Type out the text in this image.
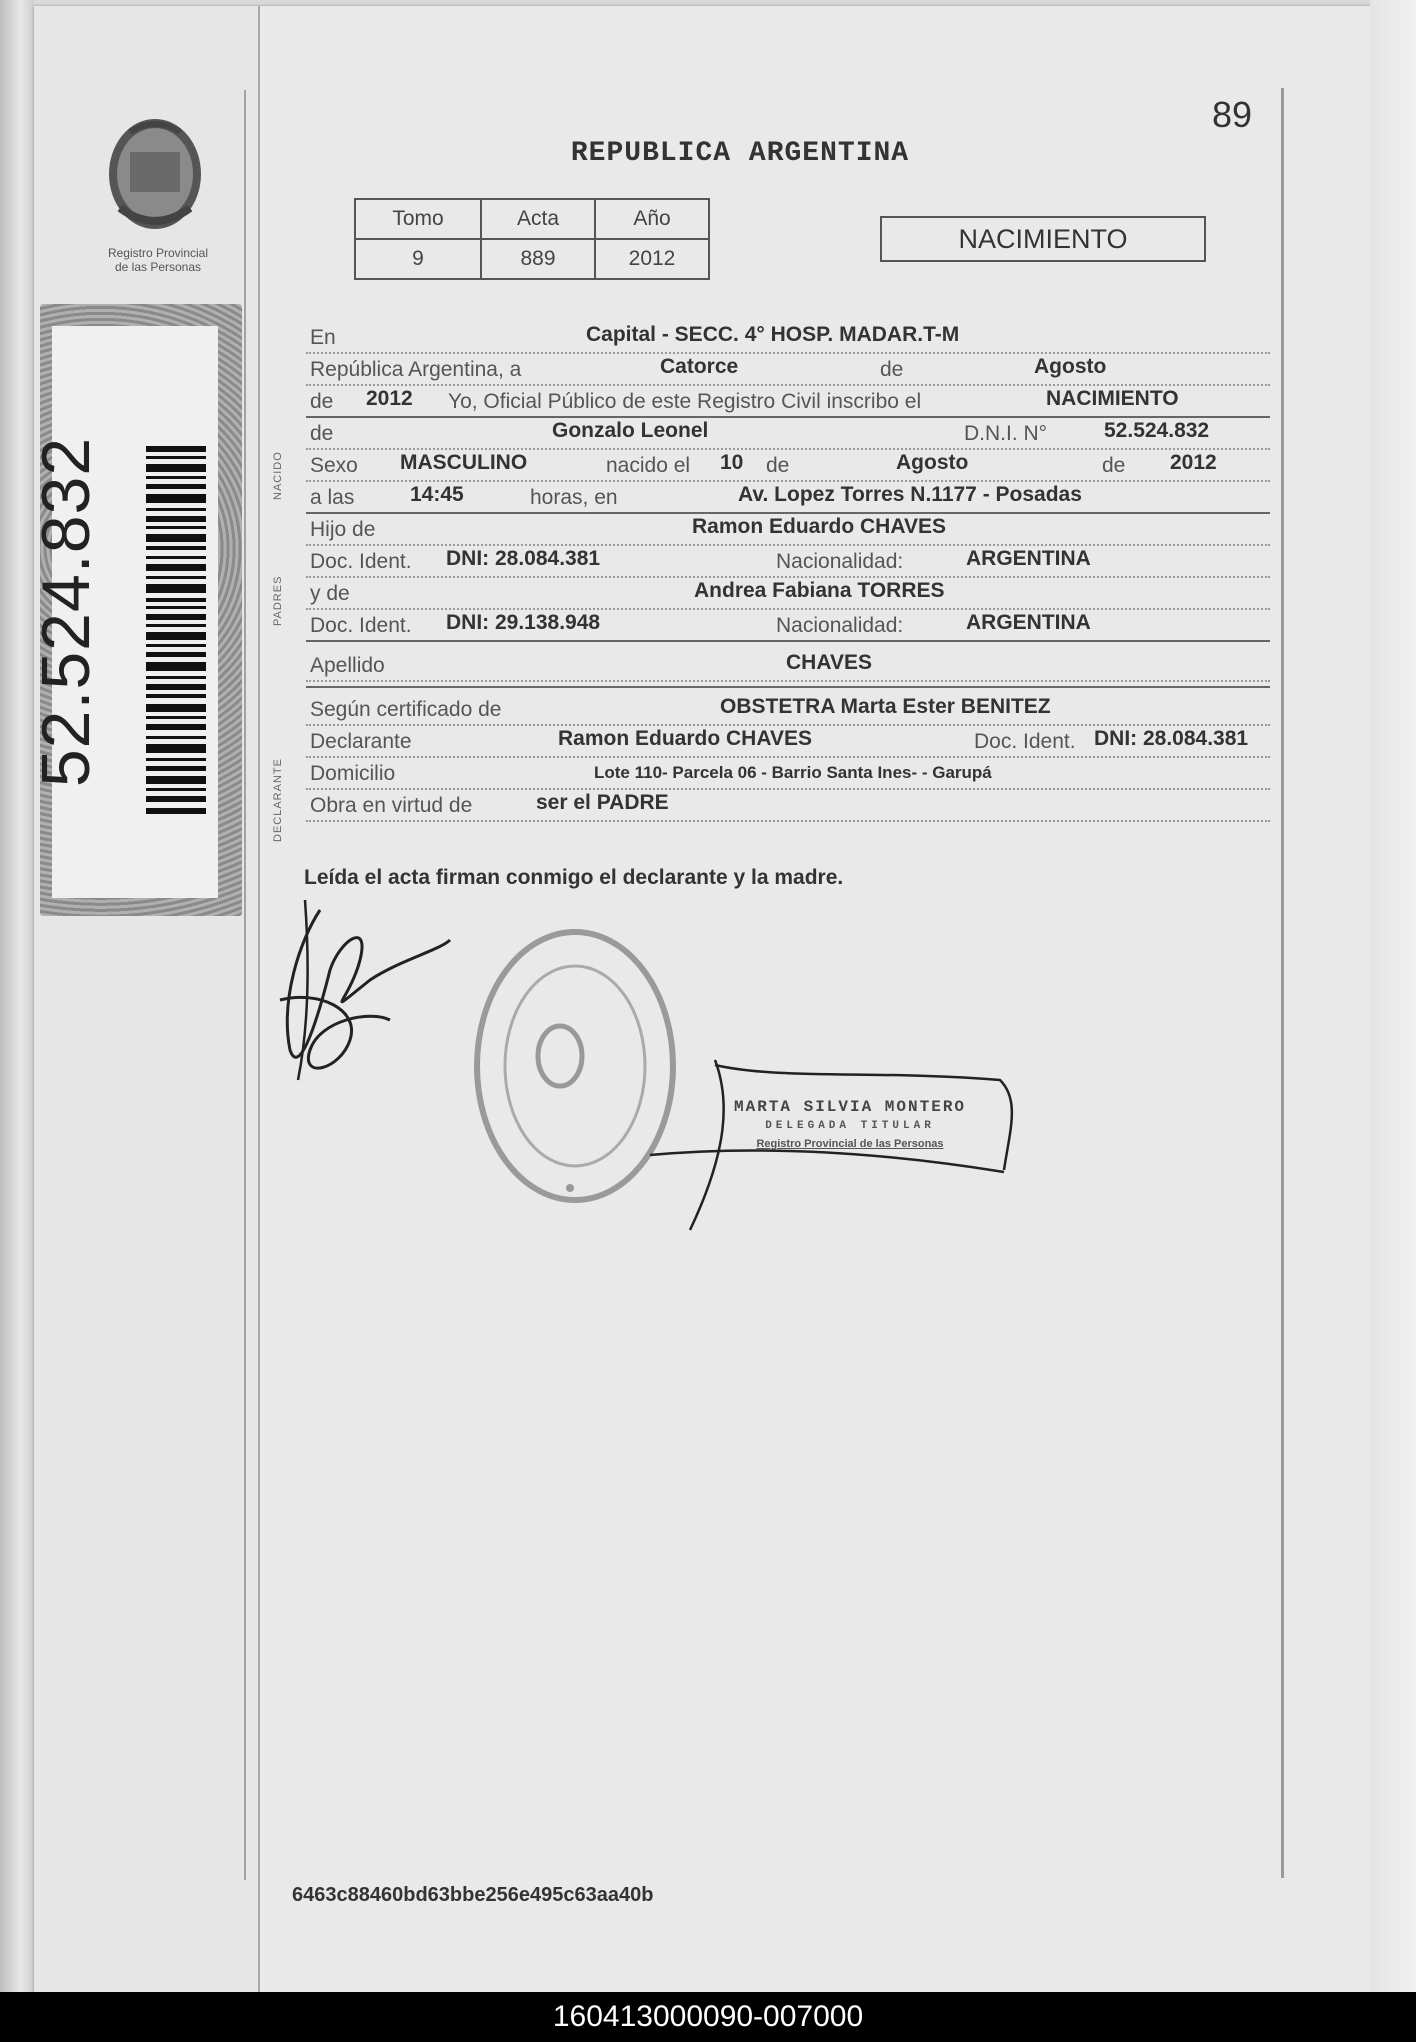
Registro Provincial
de las Personas
52.524.832
89
REPUBLICA ARGENTINA
Tomo	Acta	Año
9	889	2012
NACIMIENTO
NACIDO
PADRES
DECLARANTE
En	Capital - SECC. 4° HOSP. MADAR.T-M
República Argentina, a	Catorce	de	Agosto
de 2012 Yo, Oficial Público de este Registro Civil inscribo el	NACIMIENTO
de	Gonzalo Leonel	D.N.I. N°	52.524.832
Sexo MASCULINO	nacido el 10 de	Agosto	de 2012
a las	14:45	horas, en	Av. Lopez Torres N.1177 - Posadas
Hijo de	Ramon Eduardo CHAVES
Doc. Ident. DNI: 28.084.381	Nacionalidad:	ARGENTINA
y de	Andrea Fabiana TORRES
Doc. Ident. DNI: 29.138.948	Nacionalidad:	ARGENTINA
Apellido	CHAVES
Según certificado de	OBSTETRA Marta Ester BENITEZ
Declarante	Ramon Eduardo CHAVES	Doc. Ident. DNI: 28.084.381
Domicilio	Lote 110- Parcela 06 - Barrio Santa Ines- - Garupá
Obra en virtud de	ser el PADRE
Leída el acta firman conmigo el declarante y la madre.
MARTA SILVIA MONTERO
DELEGADA TITULAR
Registro Provincial de las Personas
6463c88460bd63bbe256e495c63aa40b
160413000090-007000
